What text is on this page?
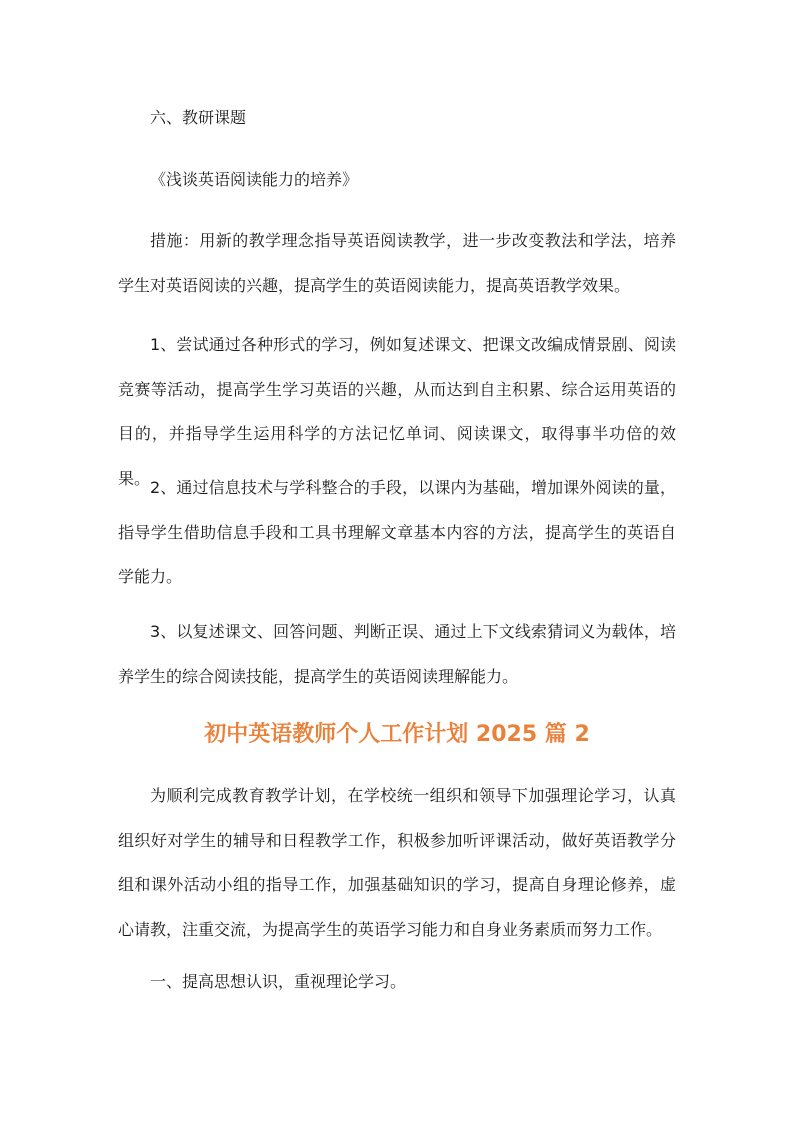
六、教研课题

《浅谈英语阅读能力的培养》

措施：用新的教学理念指导英语阅读教学，进一步改变教法和学法，培养学生对英语阅读的兴趣，提高学生的英语阅读能力，提高英语教学效果。

1、尝试通过各种形式的学习，例如复述课文、把课文改编成情景剧、阅读竞赛等活动，提高学生学习英语的兴趣，从而达到自主积累、综合运用英语的目的，并指导学生运用科学的方法记忆单词、阅读课文，取得事半功倍的效果。 2、通过信息技术与学科整合的手段，以课内为基础，增加课外阅读的量，指导学生借助信息手段和工具书理解文章基本内容的方法，提高学生的英语自学能力。

3、以复述课文、回答问题、判断正误、通过上下文线索猜词义为载体，培养学生的综合阅读技能，提高学生的英语阅读理解能力。

初中英语教师个人工作计划 2025 篇 2

为顺利完成教育教学计划，在学校统一组织和领导下加强理论学习，认真组织好对学生的辅导和日程教学工作，积极参加听评课活动，做好英语教学分组和课外活动小组的指导工作，加强基础知识的学习，提高自身理论修养，虚心请教，注重交流，为提高学生的英语学习能力和自身业务素质而努力工作。

一、提高思想认识，重视理论学习。
